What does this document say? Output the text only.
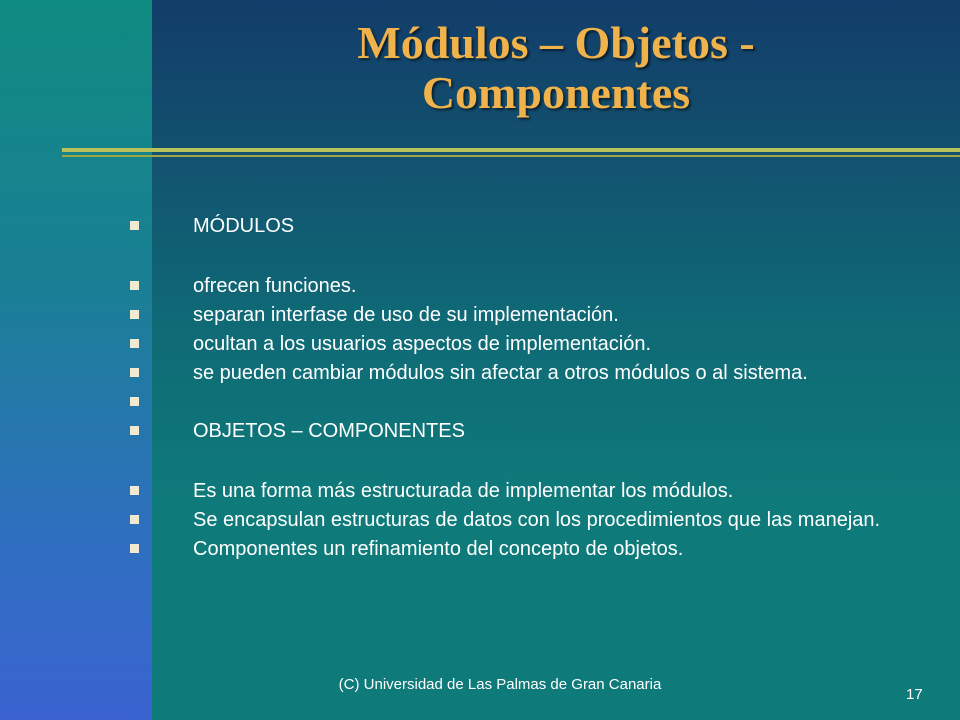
Módulos – Objetos -
Componentes
MÓDULOS
ofrecen funciones.
separan interfase de uso de su implementación.
ocultan a los usuarios aspectos de implementación.
se pueden cambiar módulos sin afectar a otros módulos o al sistema.
OBJETOS – COMPONENTES
Es una forma más estructurada de implementar los módulos.
Se encapsulan estructuras de datos con los procedimientos que las manejan.
Componentes un refinamiento del concepto de objetos.
(C) Universidad de Las Palmas de Gran Canaria
17
